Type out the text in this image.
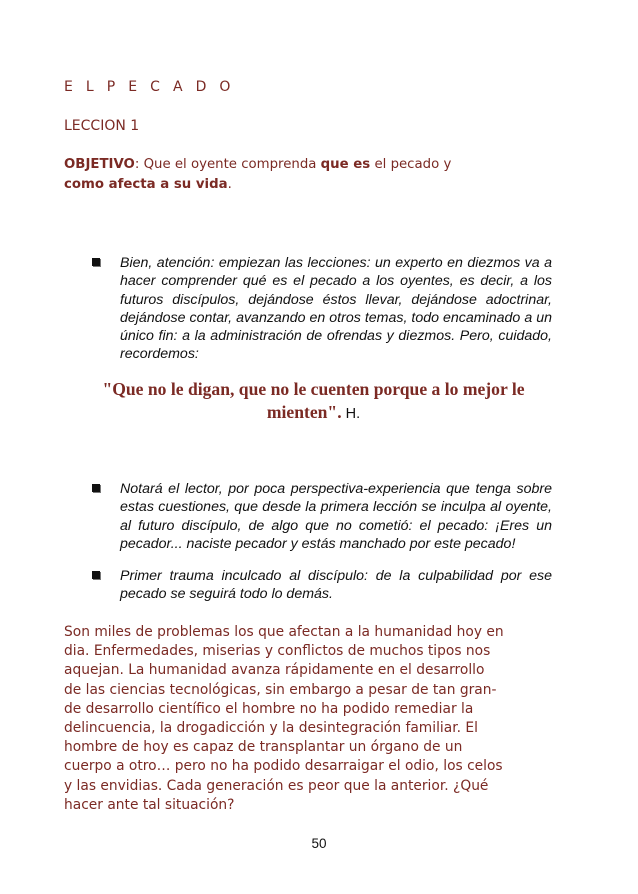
E L P E C A D O
LECCION 1
OBJETIVO: Que el oyente comprenda que es el pecado y
como afecta a su vida.
Bien, atención: empiezan las lecciones: un experto en diezmos va a hacer comprender qué es el pecado a los oyentes, es decir, a los futuros discípulos, dejándose éstos llevar, dejándose adoctrinar, dejándose contar, avanzando en otros temas, todo encaminado a un único fin: a la administración de ofrendas y diezmos. Pero, cuidado, recordemos:
"Que no le digan, que no le cuenten porque a lo mejor le mienten". H.
Notará el lector, por poca perspectiva-experiencia que tenga sobre estas cuestiones, que desde la primera lección se inculpa al oyente, al futuro discípulo, de algo que no cometió: el pecado: ¡Eres un pecador... naciste pecador y estás manchado por este pecado!
Primer trauma inculcado al discípulo: de la culpabilidad por ese pecado se seguirá todo lo demás.
Son miles de problemas los que afectan a la humanidad hoy en
dia. Enfermedades, miserias y conflictos de muchos tipos nos
aquejan. La humanidad avanza rápidamente en el desarrollo
de las ciencias tecnológicas, sin embargo a pesar de tan gran-
de desarrollo científico el hombre no ha podido remediar la
delincuencia, la drogadicción y la desintegración familiar. El
hombre de hoy es capaz de transplantar un órgano de un
cuerpo a otro… pero no ha podido desarraigar el odio, los celos
y las envidias. Cada generación es peor que la anterior. ¿Qué
hacer ante tal situación?
50
